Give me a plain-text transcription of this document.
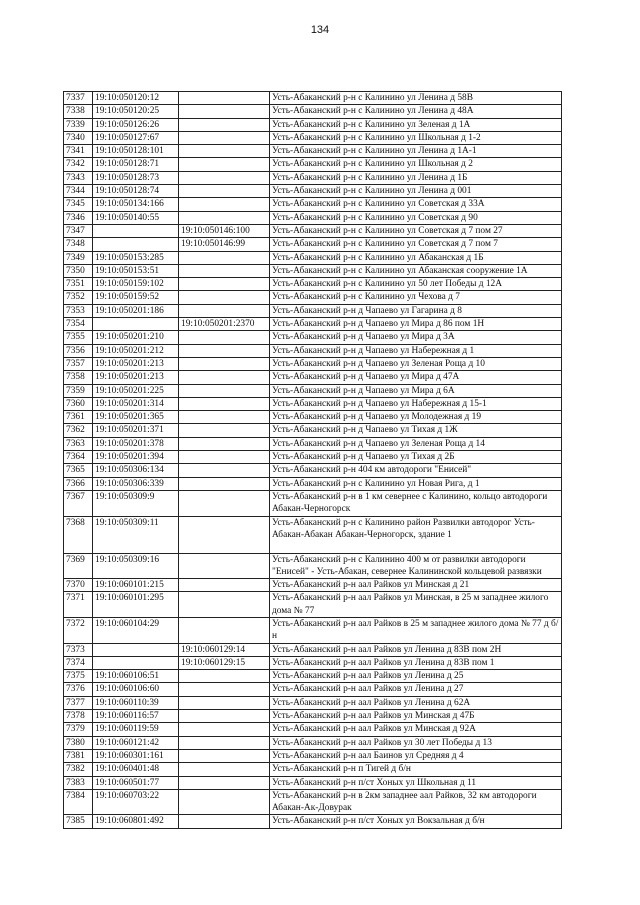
134
7337	19:10:050120:12		Усть-Абаканский р-н с Калинино ул Ленина д 58В
7338	19:10:050120:25		Усть-Абаканский р-н с Калинино ул Ленина д 48А
7339	19:10:050126:26		Усть-Абаканский р-н с Калинино ул Зеленая д 1А
7340	19:10:050127:67		Усть-Абаканский р-н с Калинино ул Школьная д 1-2
7341	19:10:050128:101		Усть-Абаканский р-н с Калинино ул Ленина д 1А-1
7342	19:10:050128:71		Усть-Абаканский р-н с Калинино ул Школьная д 2
7343	19:10:050128:73		Усть-Абаканский р-н с Калинино ул Ленина д 1Б
7344	19:10:050128:74		Усть-Абаканский р-н с Калинино ул Ленина д 001
7345	19:10:050134:166		Усть-Абаканский р-н с Калинино ул Советская д 33А
7346	19:10:050140:55		Усть-Абаканский р-н с Калинино ул Советская д 90
7347		19:10:050146:100	Усть-Абаканский р-н с Калинино ул Советская д 7 пом 27
7348		19:10:050146:99	Усть-Абаканский р-н с Калинино ул Советская д 7 пом 7
7349	19:10:050153:285		Усть-Абаканский р-н с Калинино ул Абаканская д 1Б
7350	19:10:050153:51		Усть-Абаканский р-н с Калинино ул Абаканская сооружение 1А
7351	19:10:050159:102		Усть-Абаканский р-н с Калинино ул 50 лет Победы д 12А
7352	19:10:050159:52		Усть-Абаканский р-н с Калинино ул Чехова д 7
7353	19:10:050201:186		Усть-Абаканский р-н д Чапаево ул Гагарина д 8
7354		19:10:050201:2370	Усть-Абаканский р-н д Чапаево ул Мира д 86 пом 1Н
7355	19:10:050201:210		Усть-Абаканский р-н д Чапаево ул Мира д 3А
7356	19:10:050201:212		Усть-Абаканский р-н д Чапаево ул Набережная д 1
7357	19:10:050201:213		Усть-Абаканский р-н д Чапаево ул Зеленая Роща д 10
7358	19:10:050201:213		Усть-Абаканский р-н д Чапаево ул Мира д 47А
7359	19:10:050201:225		Усть-Абаканский р-н д Чапаево ул Мира д 6А
7360	19:10:050201:314		Усть-Абаканский р-н д Чапаево ул Набережная д 15-1
7361	19:10:050201:365		Усть-Абаканский р-н д Чапаево ул Молодежная д 19
7362	19:10:050201:371		Усть-Абаканский р-н д Чапаево ул Тихая д 1Ж
7363	19:10:050201:378		Усть-Абаканский р-н д Чапаево ул Зеленая Роща д 14
7364	19:10:050201:394		Усть-Абаканский р-н д Чапаево ул Тихая д 2Б
7365	19:10:050306:134		Усть-Абаканский р-н 404 км автодороги "Енисей"
7366	19:10:050306:339		Усть-Абаканский р-н с Калинино ул Новая Рига, д 1
7367	19:10:050309:9		Усть-Абаканский р-н в 1 км севернее с Калинино, кольцо автодороги Абакан-Черногорск
7368	19:10:050309:11		Усть-Абаканский р-н с Калинино район Развилки автодорог Усть-Абакан-Абакан Абакан-Черногорск, здание 1
7369	19:10:050309:16		Усть-Абаканский р-н с Калинино 400 м от развилки автодороги "Енисей" - Усть-Абакан, севернее Калининской кольцевой развязки
7370	19:10:060101:215		Усть-Абаканский р-н аал Райков ул Минская д 21
7371	19:10:060101:295		Усть-Абаканский р-н аал Райков ул Минская, в 25 м западнее жилого дома № 77
7372	19:10:060104:29		Усть-Абаканский р-н аал Райков в 25 м западнее жилого дома № 77 д б/н
7373		19:10:060129:14	Усть-Абаканский р-н аал Райков ул Ленина д 83В пом 2Н
7374		19:10:060129:15	Усть-Абаканский р-н аал Райков ул Ленина д 83В пом 1
7375	19:10:060106:51		Усть-Абаканский р-н аал Райков ул Ленина д 25
7376	19:10:060106:60		Усть-Абаканский р-н аал Райков ул Ленина д 27
7377	19:10:060110:39		Усть-Абаканский р-н аал Райков ул Ленина д 62А
7378	19:10:060116:57		Усть-Абаканский р-н аал Райков ул Минская д 47Б
7379	19:10:060119:59		Усть-Абаканский р-н аал Райков ул Минская д 92А
7380	19:10:060121:42		Усть-Абаканский р-н аал Райков ул 30 лет Победы д 13
7381	19:10:060301:161		Усть-Абаканский р-н аал Баинов ул Средняя д 4
7382	19:10:060401:48		Усть-Абаканский р-н п Тигей д б/н
7383	19:10:060501:77		Усть-Абаканский р-н п/ст Хоных ул Школьная д 11
7384	19:10:060703:22		Усть-Абаканский р-н в 2км западнее аал Райков, 32 км автодороги Абакан-Ак-Довурак
7385	19:10:060801:492		Усть-Абаканский р-н п/ст Хоных ул Вокзальная д б/н
